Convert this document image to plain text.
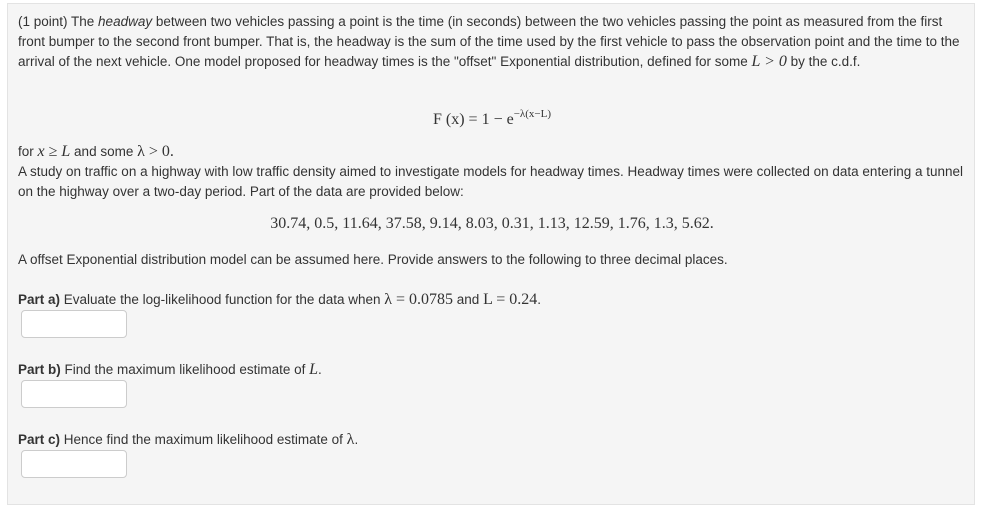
(1 point) The headway between two vehicles passing a point is the time (in seconds) between the two vehicles passing the point as measured from the first front bumper to the second front bumper. That is, the headway is the sum of the time used by the first vehicle to pass the observation point and the time to the arrival of the next vehicle. One model proposed for headway times is the "offset" Exponential distribution, defined for some L > 0 by the c.d.f.

F $(x) = 1 - e^{-\lambda(x-L)}$

for x ≥ L and some λ > 0.

A study on traffic on a highway with low traffic density aimed to investigate models for headway times. Headway times were collected on data entering a tunnel on the highway over a two-day period. Part of the data are provided below:

30.74, 0.5, 11.64, 37.58, 9.14, 8.03, 0.31, 1.13, 12.59, 1.76, 1.3, 5.62.

A offset Exponential distribution model can be assumed here. Provide answers to the following to three decimal places.

Part a) Evaluate the log-likelihood function for the data when λ = 0.0785 and L = 0.24.

Part b) Find the maximum likelihood estimate of L.

Part c) Hence find the maximum likelihood estimate of λ.
